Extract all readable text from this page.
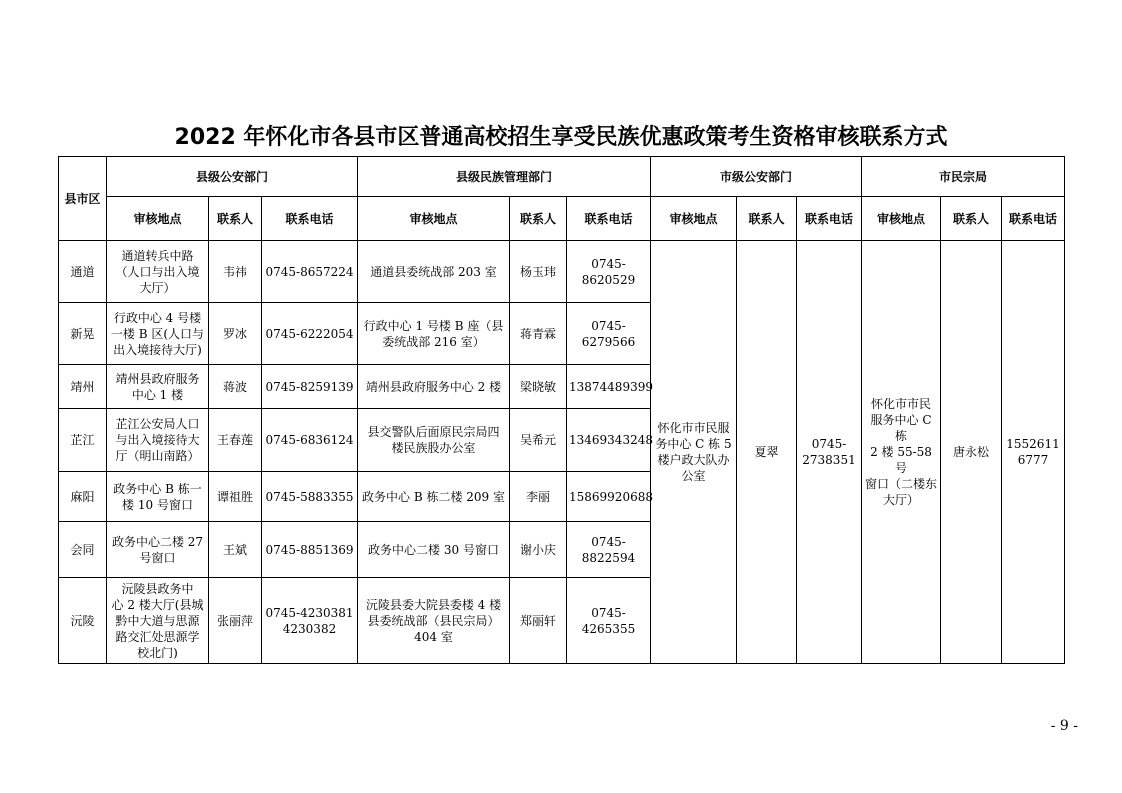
2022 年怀化市各县市区普通高校招生享受民族优惠政策考生资格审核联系方式
县市区	县级公安部门			县级民族管理部门			市级公安部门			市民宗局		
	审核地点	联系人	联系电话	审核地点	联系人	联系电话	审核地点	联系人	联系电话	审核地点	联系人	联系电话
通道	通道转兵中路
（人口与出入境
大厅）	韦祎	0745-8657224	通道县委统战部 203 室	杨玉玮	0745-8620529	怀化市市民服
务中心 C 栋 5
楼户政大队办
公室	夏翠	0745-
2738351	怀化市市民
服务中心 C 栋
2 楼 55-58 号
窗口（二楼东
大厅）	唐永松	1552611
6777
新晃	行政中心 4 号楼
一楼 B 区(人口与
出入境接待大厅)	罗冰	0745-6222054	行政中心 1 号楼 B 座（县
委统战部 216 室）	蒋青霖	0745-6279566						
靖州	靖州县政府服务
中心 1 楼	蒋波	0745-8259139	靖州县政府服务中心 2 楼	梁晓敏	13874489399						
芷江	芷江公安局人口
与出入境接待大
厅（明山南路）	王春莲	0745-6836124	县交警队后面原民宗局四
楼民族股办公室	吴希元	13469343248						
麻阳	政务中心 B 栋一
楼 10 号窗口	谭祖胜	0745-5883355	政务中心 B 栋二楼 209 室	李丽	15869920688						
会同	政务中心二楼 27
号窗口	王斌	0745-8851369	政务中心二楼 30 号窗口	谢小庆	0745-8822594						
沅陵	沅陵县政务中
心 2 楼大厅(县城
黔中大道与思源
路交汇处思源学
校北门)	张丽萍	0745-4230381
4230382	沅陵县委大院县委楼 4 楼
县委统战部（县民宗局）
404 室	郑丽轩	0745-4265355						
- 9 -
